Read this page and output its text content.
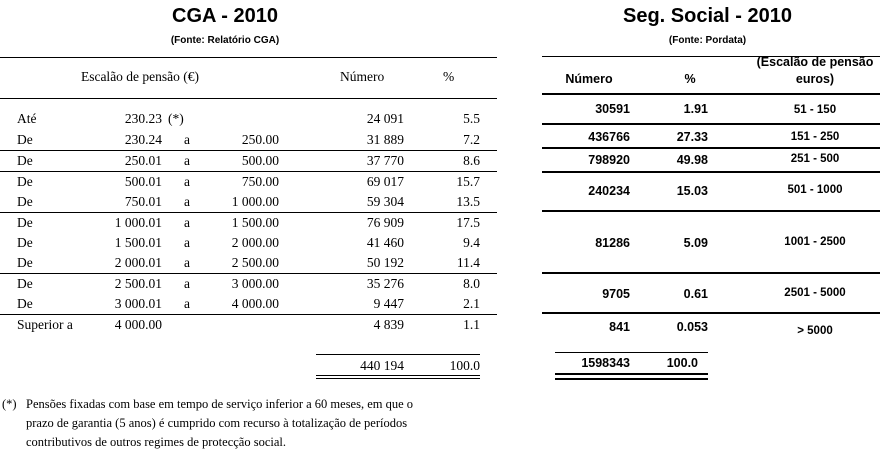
CGA - 2010
(Fonte: Relatório CGA)
Escalão de pensão (€)	Número	%
Até	230.23 (*)	24 091	5.5
De	230.24 a	250.00	31 889	7.2
De	250.01 a	500.00	37 770	8.6
De	500.01 a	750.00	69 017	15.7
De	750.01 a	1 000.00	59 304	13.5
De	1 000.01 a	1 500.00	76 909	17.5
De	1 500.01 a	2 000.00	41 460	9.4
De	2 000.01 a	2 500.00	50 192	11.4
De	2 500.01 a	3 000.00	35 276	8.0
De	3 000.01 a	4 000.00	9 447	2.1
Superior a	4 000.00	4 839	1.1
440 194	100.0
(*) Pensões fixadas com base em tempo de serviço inferior a 60 meses, em que o
prazo de garantia (5 anos) é cumprido com recurso à totalização de períodos
contributivos de outros regimes de protecção social.
Seg. Social - 2010
(Fonte: Pordata)
Número	%
(Escalão de pensão
euros)
30591	1.91	51 - 150
436766	27.33	151 - 250
798920	49.98	251 - 500
240234	15.03	501 - 1000
81286	5.09	1001 - 2500
9705	0.61	2501 - 5000
841	0.053	> 5000
1598343	100.0
